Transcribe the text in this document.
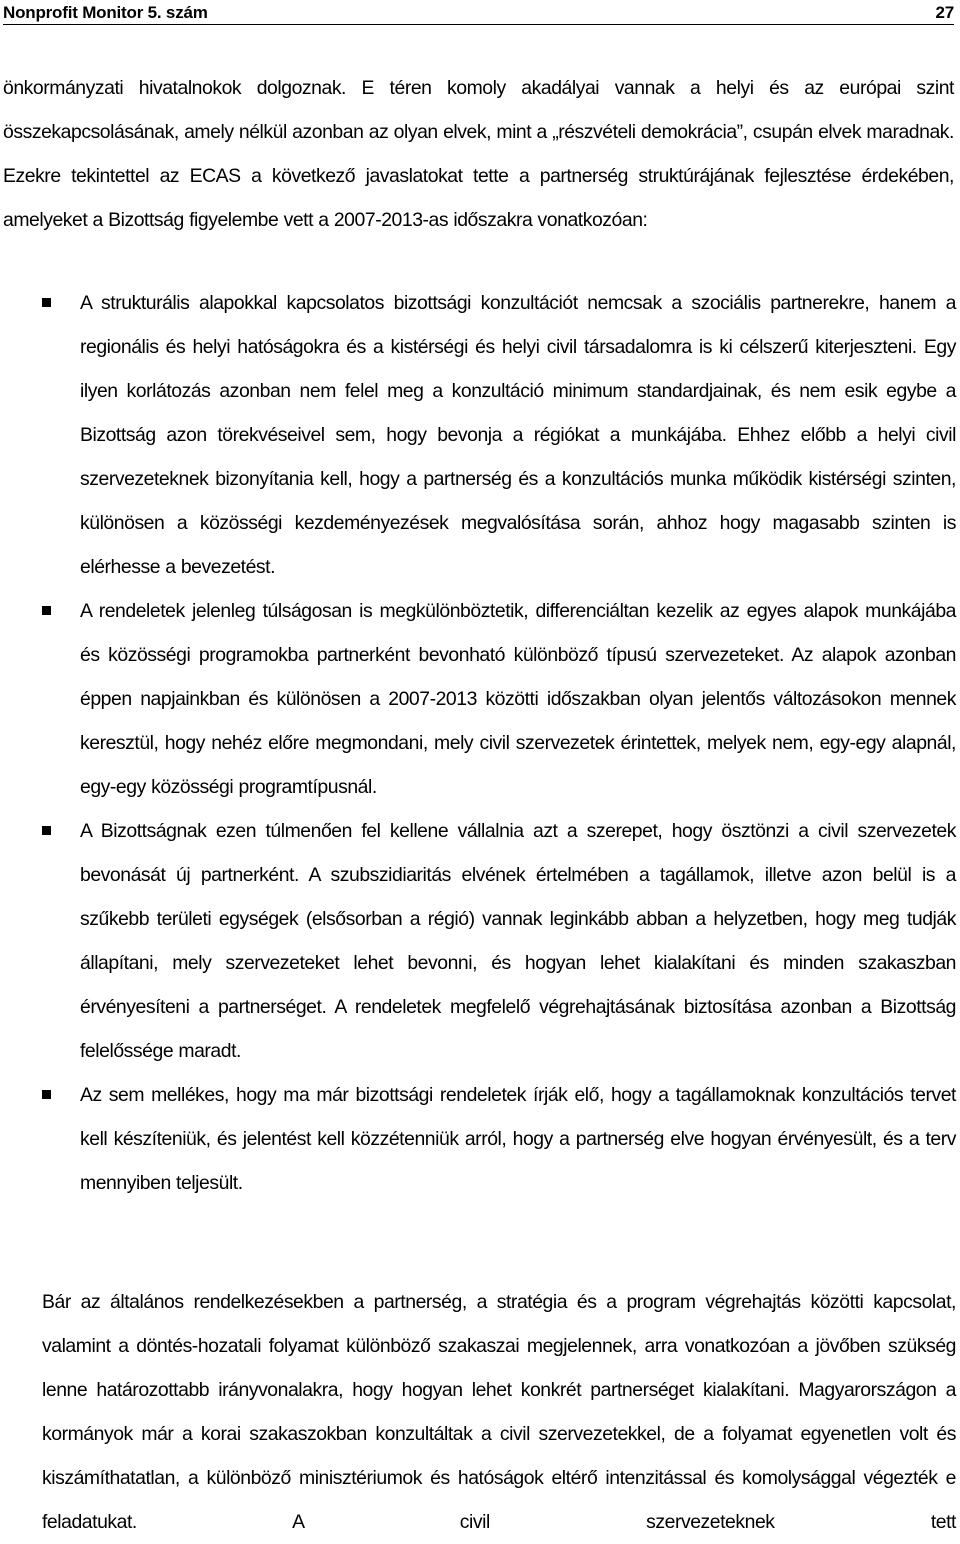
Nonprofit Monitor 5. szám	27

önkormányzati hivatalnokok dolgoznak. E téren komoly akadályai vannak a helyi és az európai szint összekapcsolásának, amely nélkül azonban az olyan elvek, mint a „részvételi demokrácia”, csupán elvek maradnak. Ezekre tekintettel az ECAS a következő javaslatokat tette a partnerség struktúrájának fejlesztése érdekében, amelyeket a Bizottság figyelembe vett a 2007-2013-as időszakra vonatkozóan:

A strukturális alapokkal kapcsolatos bizottsági konzultációt nemcsak a szociális partnerekre, hanem a regionális és helyi hatóságokra és a kistérségi és helyi civil társadalomra is ki célszerű kiterjeszteni. Egy ilyen korlátozás azonban nem felel meg a konzultáció minimum standardjainak, és nem esik egybe a Bizottság azon törekvéseivel sem, hogy bevonja a régiókat a munkájába. Ehhez előbb a helyi civil szervezeteknek bizonyítania kell, hogy a partnerség és a konzultációs munka működik kistérségi szinten, különösen a közösségi kezdeményezések megvalósítása során, ahhoz hogy magasabb szinten is elérhesse a bevezetést.
A rendeletek jelenleg túlságosan is megkülönböztetik, differenciáltan kezelik az egyes alapok munkájába és közösségi programokba partnerként bevonható különböző típusú szervezeteket. Az alapok azonban éppen napjainkban és különösen a 2007-2013 közötti időszakban olyan jelentős változásokon mennek keresztül, hogy nehéz előre megmondani, mely civil szervezetek érintettek, melyek nem, egy-egy alapnál, egy-egy közösségi programtípusnál.
A Bizottságnak ezen túlmenően fel kellene vállalnia azt a szerepet, hogy ösztönzi a civil szervezetek bevonását új partnerként. A szubszidiaritás elvének értelmében a tagállamok, illetve azon belül is a szűkebb területi egységek (elsősorban a régió) vannak leginkább abban a helyzetben, hogy meg tudják állapítani, mely szervezeteket lehet bevonni, és hogyan lehet kialakítani és minden szakaszban érvényesíteni a partnerséget. A rendeletek megfelelő végrehajtásának biztosítása azonban a Bizottság felelőssége maradt.
Az sem mellékes, hogy ma már bizottsági rendeletek írják elő, hogy a tagállamoknak konzultációs tervet kell készíteniük, és jelentést kell közzétenniük arról, hogy a partnerség elve hogyan érvényesült, és a terv mennyiben teljesült.

Bár az általános rendelkezésekben a partnerség, a stratégia és a program végrehajtás közötti kapcsolat, valamint a döntés-hozatali folyamat különböző szakaszai megjelennek, arra vonatkozóan a jövőben szükség lenne határozottabb irányvonalakra, hogy hogyan lehet konkrét partnerséget kialakítani. Magyarországon a kormányok már a korai szakaszokban konzultáltak a civil szervezetekkel, de a folyamat egyenetlen volt és kiszámíthatatlan, a különböző minisztériumok és hatóságok eltérő intenzitással és komolysággal végezték e feladatukat. A civil szervezeteknek tett
